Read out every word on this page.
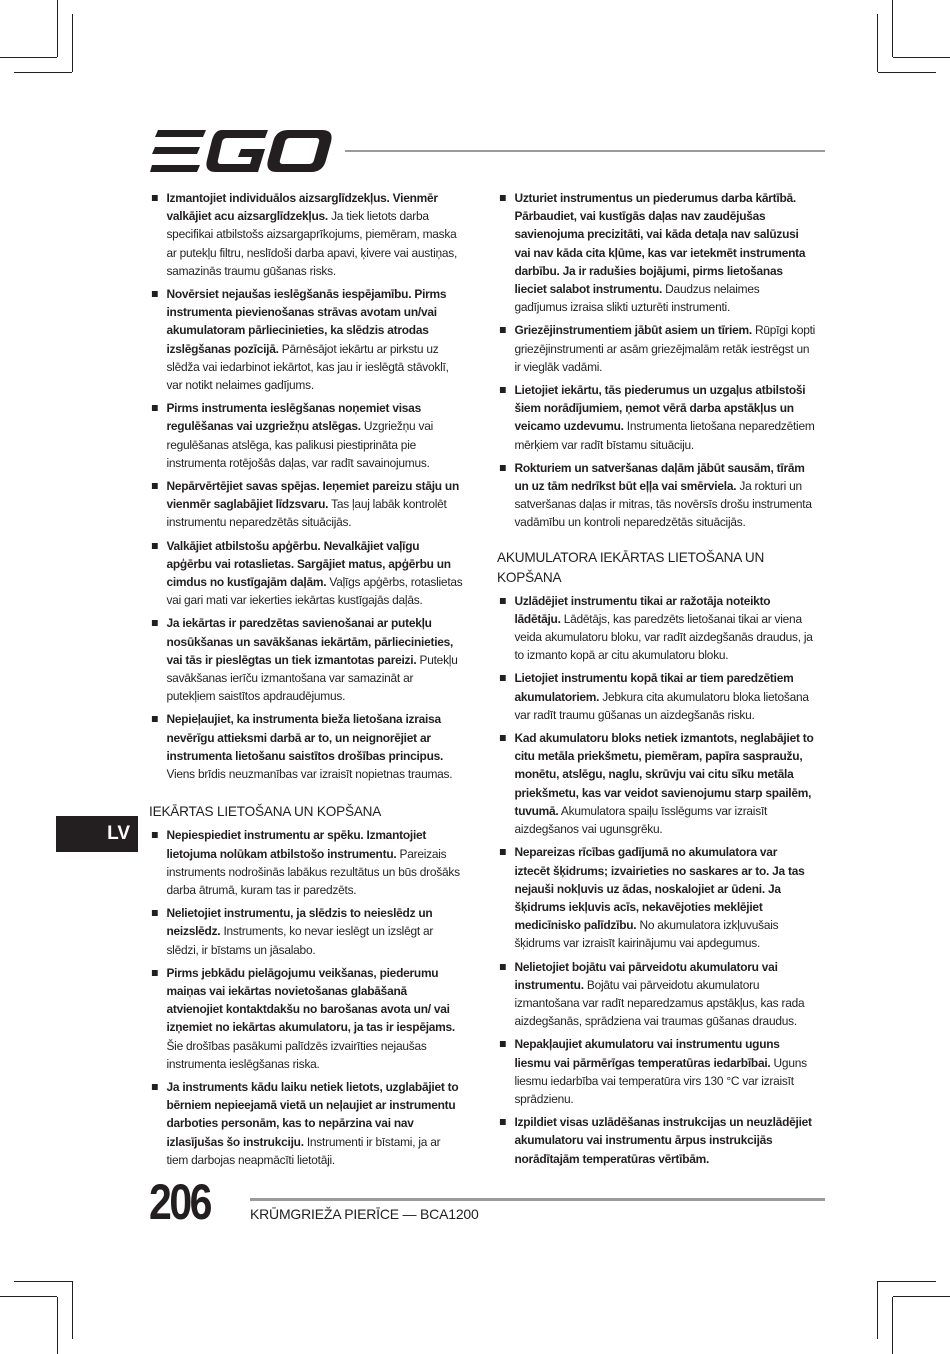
Izmantojiet individuālos aizsarglīdzekļus. Vienmēr valkājiet acu aizsarglīdzekļus. Ja tiek lietots darba specifikai atbilstošs aizsargaprīkojums, piemēram, maska ar putekļu filtru, neslīdoši darba apavi, ķivere vai austiņas, samazinās traumu gūšanas risks.
Novērsiet nejaušas ieslēgšanās iespējamību. Pirms instrumenta pievienošanas strāvas avotam un/vai akumulatoram pārliecinieties, ka slēdzis atrodas izslēgšanas pozīcijā. Pārnēsājot iekārtu ar pirkstu uz slēdža vai iedarbinot iekārtot, kas jau ir ieslēgtā stāvoklī, var notikt nelaimes gadījums.
Pirms instrumenta ieslēgšanas noņemiet visas regulēšanas vai uzgriežņu atslēgas. Uzgriežņu vai regulēšanas atslēga, kas palikusi piestiprināta pie instrumenta rotējošās daļas, var radīt savainojumus.
Nepārvērtējiet savas spējas. Ieņemiet pareizu stāju un vienmēr saglabājiet līdzsvaru. Tas ļauj labāk kontrolēt instrumentu neparedzētās situācijās.
Valkājiet atbilstošu apģērbu. Nevalkājiet vaļīgu apģērbu vai rotaslietas. Sargājiet matus, apģērbu un cimdus no kustīgajām daļām. Vaļīgs apģērbs, rotaslietas vai gari mati var iekerties iekārtas kustīgajās daļās.
Ja iekārtas ir paredzētas savienošanai ar putekļu nosūkšanas un savākšanas iekārtām, pārliecinieties, vai tās ir pieslēgtas un tiek izmantotas pareizi. Putekļu savākšanas ierīču izmantošana var samazināt ar putekļiem saistītos apdraudējumus.
Nepieļaujiet, ka instrumenta bieža lietošana izraisa nevērīgu attieksmi darbā ar to, un neignorējiet ar instrumenta lietošanu saistītos drošības principus. Viens brīdis neuzmanības var izraisīt nopietnas traumas.
IEKĀRTAS LIETOŠANA UN KOPŠANA
Nepiespiediet instrumentu ar spēku. Izmantojiet lietojuma nolūkam atbilstošo instrumentu. Pareizais instruments nodrošinās labākus rezultātus un būs drošāks darba ātrumā, kuram tas ir paredzēts.
Nelietojiet instrumentu, ja slēdzis to neieslēdz un neizslēdz. Instruments, ko nevar ieslēgt un izslēgt ar slēdzi, ir bīstams un jāsalabo.
Pirms jebkādu pielāgojumu veikšanas, piederumu maiņas vai iekārtas novietošanas glabāšanā atvienojiet kontaktdakšu no barošanas avota un/ vai izņemiet no iekārtas akumulatoru, ja tas ir iespējams. Šie drošības pasākumi palīdzēs izvairīties nejaušas instrumenta ieslēgšanas riska.
Ja instruments kādu laiku netiek lietots, uzglabājiet to bērniem nepieejamā vietā un neļaujiet ar instrumentu darboties personām, kas to nepārzina vai nav izlasījušas šo instrukciju. Instrumenti ir bīstami, ja ar tiem darbojas neapmācīti lietotāji.
Uzturiet instrumentus un piederumus darba kārtībā. Pārbaudiet, vai kustīgās daļas nav zaudējušas savienojuma precizitāti, vai kāda detaļa nav salūzusi vai nav kāda cita kļūme, kas var ietekmēt instrumenta darbību. Ja ir radušies bojājumi, pirms lietošanas lieciet salabot instrumentu. Daudzus nelaimes gadījumus izraisa slikti uzturēti instrumenti.
Griezējinstrumentiem jābūt asiem un tīriem. Rūpīgi kopti griezējinstrumenti ar asām griezējmalām retāk iestrēgst un ir vieglāk vadāmi.
Lietojiet iekārtu, tās piederumus un uzgaļus atbilstoši šiem norādījumiem, ņemot vērā darba apstākļus un veicamo uzdevumu. Instrumenta lietošana neparedzētiem mērķiem var radīt bīstamu situāciju.
Rokturiem un satveršanas daļām jābūt sausām, tīrām un uz tām nedrīkst būt eļļa vai smērviela. Ja rokturi un satveršanas daļas ir mitras, tās novērsīs drošu instrumenta vadāmību un kontroli neparedzētās situācijās.
AKUMULATORA IEKĀRTAS LIETOŠANA UN KOPŠANA
Uzlādējiet instrumentu tikai ar ražotāja noteikto lādētāju. Lādētājs, kas paredzēts lietošanai tikai ar viena veida akumulatoru bloku, var radīt aizdegšanās draudus, ja to izmanto kopā ar citu akumulatoru bloku.
Lietojiet instrumentu kopā tikai ar tiem paredzētiem akumulatoriem. Jebkura cita akumulatoru bloka lietošana var radīt traumu gūšanas un aizdegšanās risku.
Kad akumulatoru bloks netiek izmantots, neglabājiet to citu metāla priekšmetu, piemēram, papīra saspraužu, monētu, atslēgu, naglu, skrūvju vai citu sīku metāla priekšmetu, kas var veidot savienojumu starp spailēm, tuvumā. Akumulatora spaiļu īsslēgums var izraisīt aizdegšanos vai ugunsgrēku.
Nepareizas rīcības gadījumā no akumulatora var iztecēt šķidrums; izvairieties no saskares ar to. Ja tas nejauši nokļuvis uz ādas, noskalojiet ar ūdeni. Ja šķidrums iekļuvis acīs, nekavējoties meklējiet medicīnisko palīdzību. No akumulatora izkļuvušais šķidrums var izraisīt kairinājumu vai apdegumus.
Nelietojiet bojātu vai pārveidotu akumulatoru vai instrumentu. Bojātu vai pārveidotu akumulatoru izmantošana var radīt neparedzamus apstākļus, kas rada aizdegšanās, sprādziena vai traumas gūšanas draudus.
Nepakļaujiet akumulatoru vai instrumentu uguns liesmu vai pārmērīgas temperatūras iedarbībai. Uguns liesmu iedarbība vai temperatūra virs 130 °C var izraisīt sprādzienu.
Izpildiet visas uzlādēšanas instrukcijas un neuzlādējiet akumulatoru vai instrumentu ārpus instrukcijās norādītajām temperatūras vērtībām.
LV
206	KRŪMGRIEŽA PIERĪCE — BCA1200
